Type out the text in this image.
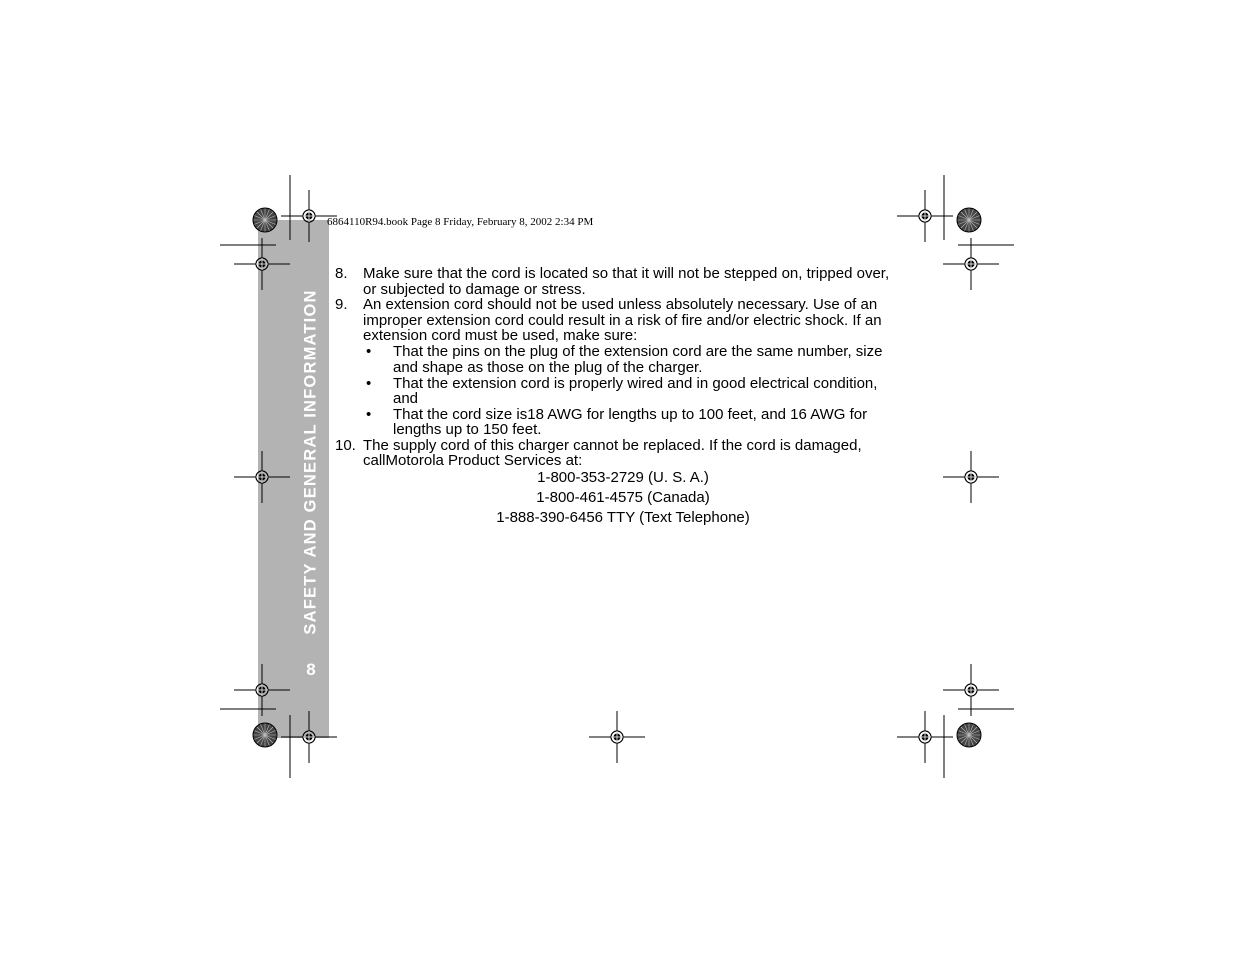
6864110R94.book Page 8 Friday, February 8, 2002 2:34 PM
SAFETY AND GENERAL INFORMATION
8
8. Make sure that the cord is located so that it will not be stepped on, tripped over,
or subjected to damage or stress.
9. An extension cord should not be used unless absolutely necessary. Use of an
improper extension cord could result in a risk of fire and/or electric shock. If an
extension cord must be used, make sure:
• That the pins on the plug of the extension cord are the same number, size
and shape as those on the plug of the charger.
• That the extension cord is properly wired and in good electrical condition,
and
• That the cord size is18 AWG for lengths up to 100 feet, and 16 AWG for
lengths up to 150 feet.
10. The supply cord of this charger cannot be replaced. If the cord is damaged,
callMotorola Product Services at:
1-800-353-2729 (U. S. A.)
1-800-461-4575 (Canada)
1-888-390-6456 TTY (Text Telephone)
